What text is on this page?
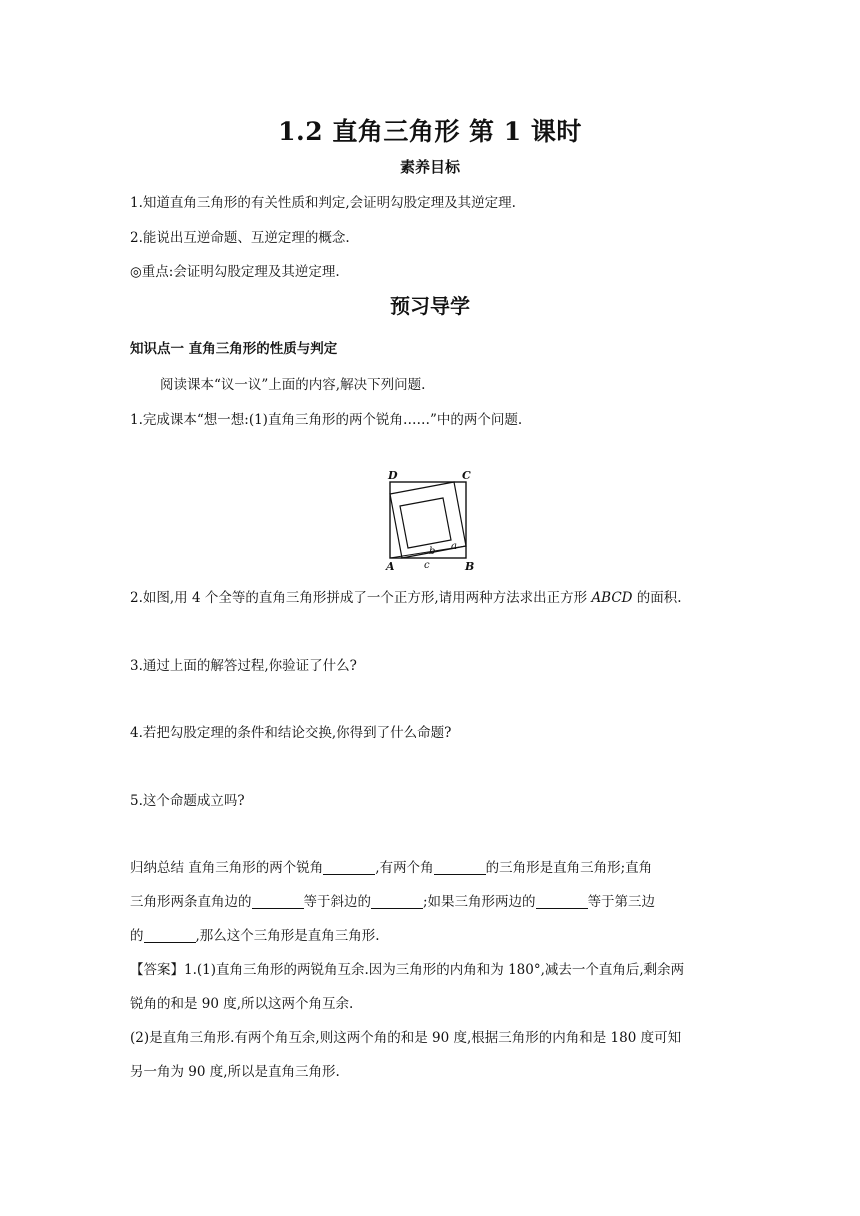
1.2 直角三角形 第 1 课时
素养目标
1.知道直角三角形的有关性质和判定,会证明勾股定理及其逆定理.
2.能说出互逆命题、互逆定理的概念.
◎重点:会证明勾股定理及其逆定理.
预习导学
知识点一 直角三角形的性质与判定
阅读课本“议一议”上面的内容,解决下列问题.
1.完成课本“想一想:(1)直角三角形的两个锐角……”中的两个问题.
D	C
A	B
a
b
c
2.如图,用 4 个全等的直角三角形拼成了一个正方形,请用两种方法求出正方形 ABCD 的面积.
3.通过上面的解答过程,你验证了什么?
4.若把勾股定理的条件和结论交换,你得到了什么命题?
5.这个命题成立吗?
归纳总结 直角三角形的两个锐角	,有两个角	的三角形是直角三角形;直角
三角形两条直角边的	等于斜边的	;如果三角形两边的	等于第三边
的	,那么这个三角形是直角三角形.
【答案】1.(1)直角三角形的两锐角互余.因为三角形的内角和为 180°,减去一个直角后,剩余两
锐角的和是 90 度,所以这两个角互余.
(2)是直角三角形.有两个角互余,则这两个角的和是 90 度,根据三角形的内角和是 180 度可知
另一角为 90 度,所以是直角三角形.
